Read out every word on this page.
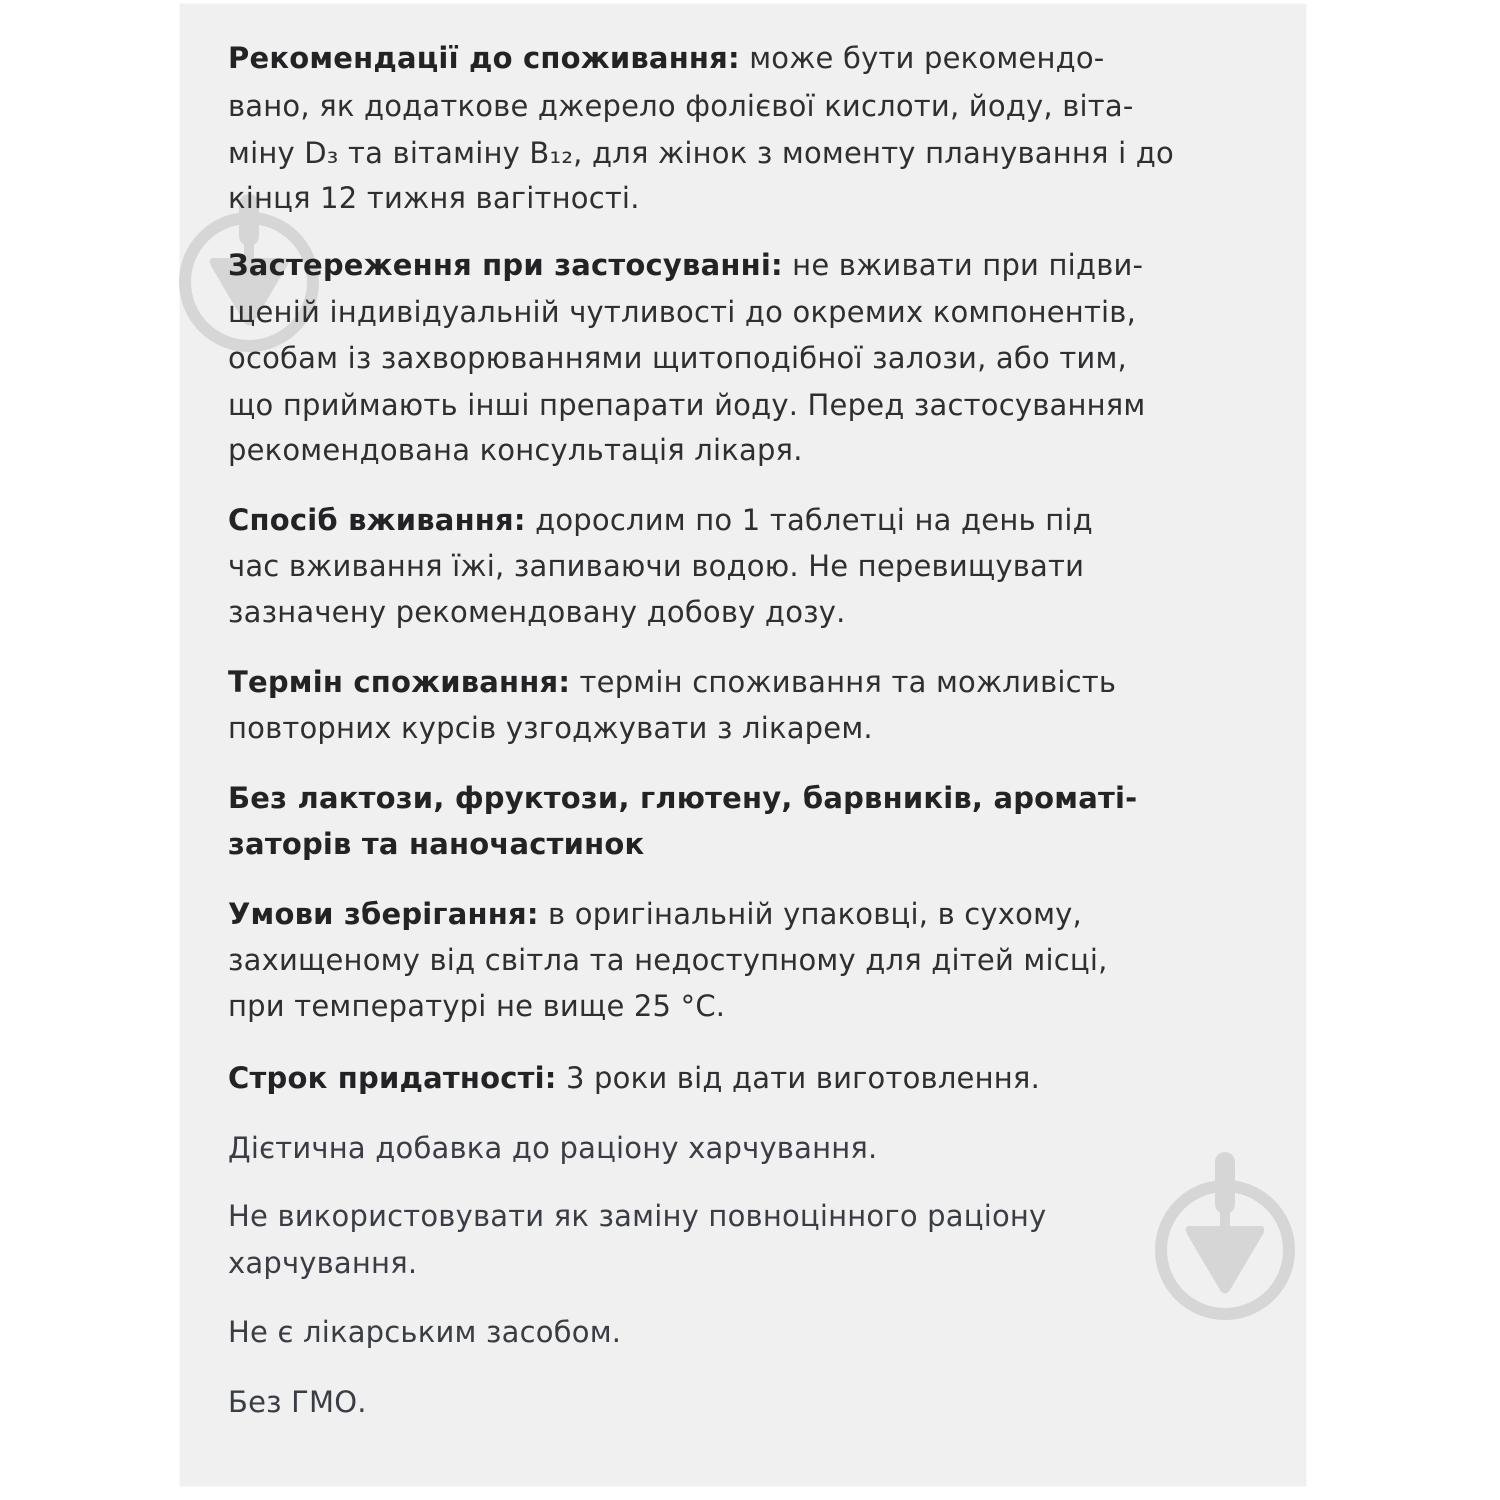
Рекомендації до споживання: може бути рекомендо-
вано, як додаткове джерело фолієвої кислоти, йоду, віта-
міну D₃ та вітаміну B₁₂, для жінок з моменту планування і до
кінця 12 тижня вагітності.
Застереження при застосуванні: не вживати при підви-
щеній індивідуальній чутливості до окремих компонентів,
особам із захворюваннями щитоподібної залози, або тим,
що приймають інші препарати йоду. Перед застосуванням
рекомендована консультація лікаря.
Спосіб вживання: дорослим по 1 таблетці на день під
час вживання їжі, запиваючи водою. Не перевищувати
зазначену рекомендовану добову дозу.
Термін споживання: термін споживання та можливість
повторних курсів узгоджувати з лікарем.
Без лактози, фруктози, глютену, барвників, ароматі-
заторів та наночастинок
Умови зберігання: в оригінальній упаковці, в сухому,
захищеному від світла та недоступному для дітей місці,
при температурі не вище 25 °C.
Строк придатності: 3 роки від дати виготовлення.
Дієтична добавка до раціону харчування.
Не використовувати як заміну повноцінного раціону
харчування.
Не є лікарським засобом.
Без ГМО.
